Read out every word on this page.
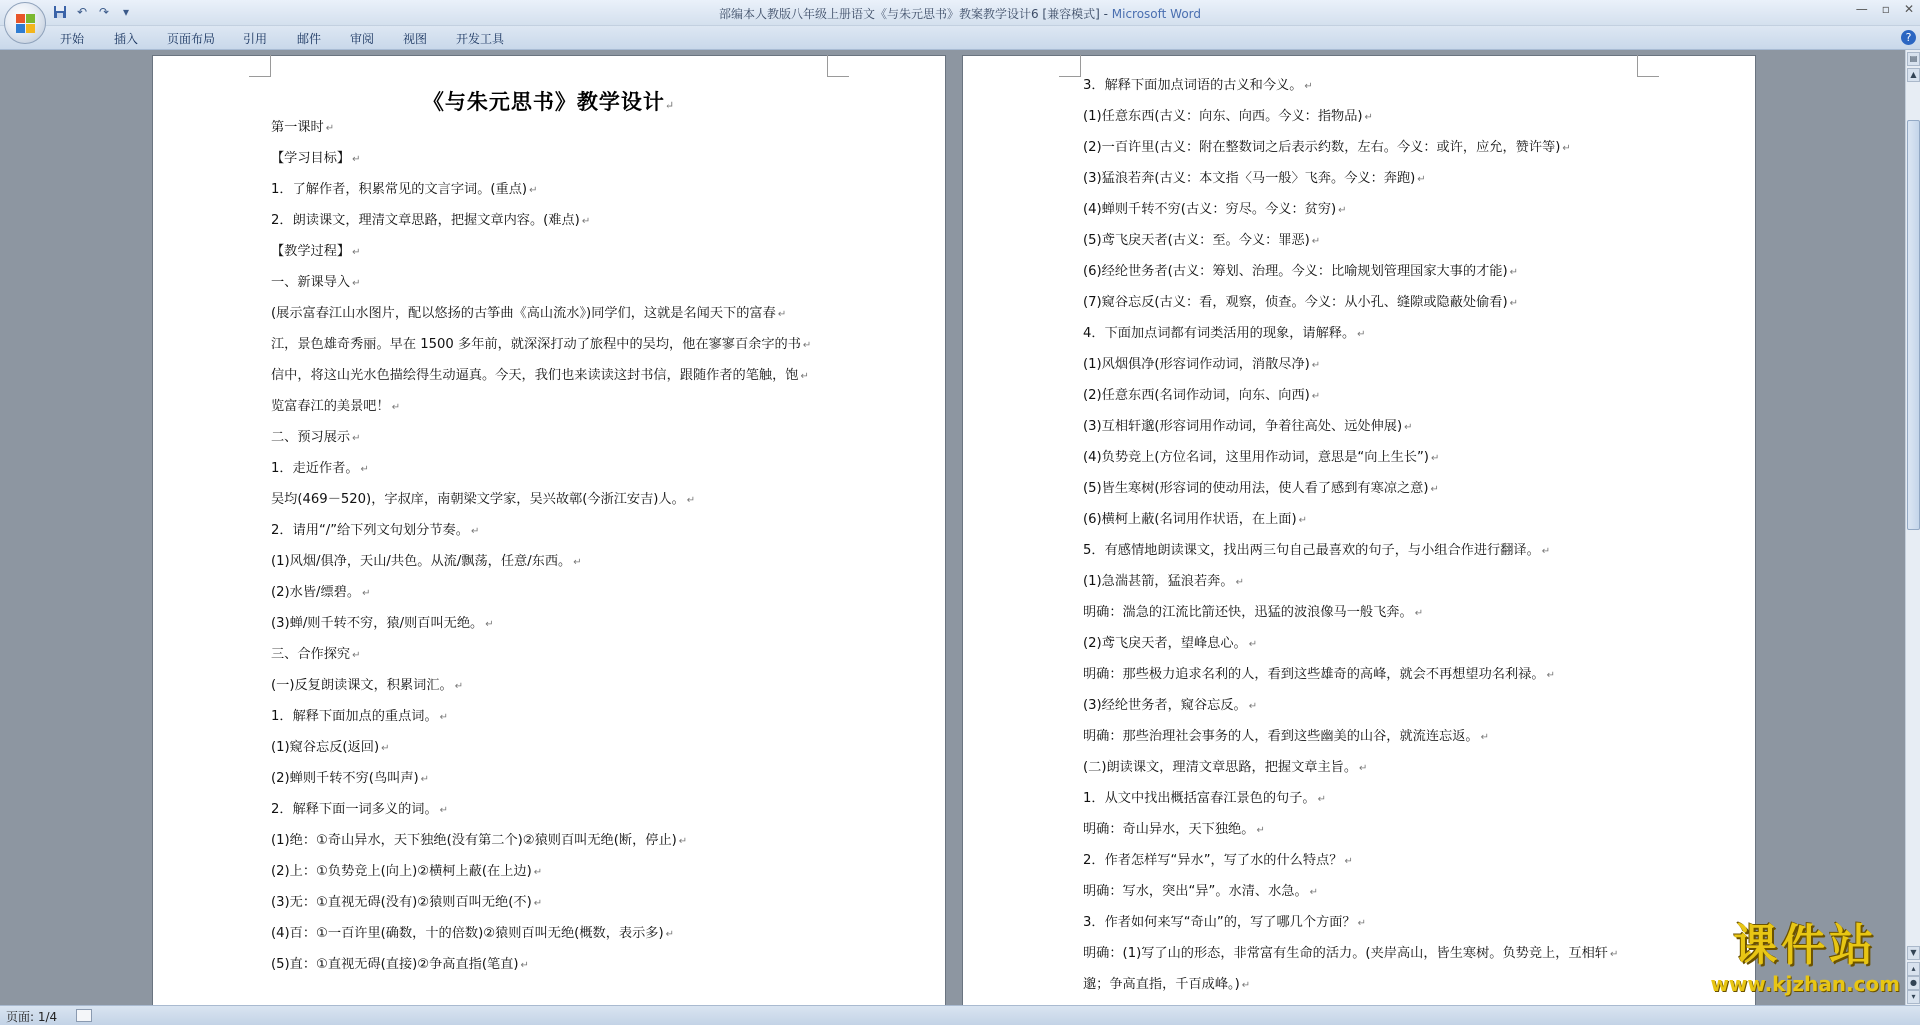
↶ ↷	▾	部编本人教版八年级上册语文《与朱元思书》教案教学设计6 [兼容模式] - Microsoft Word	— ▫ ✕
开始 插入 页面布局 引用 邮件 审阅 视图 开发工具	?
《与朱元思书》教学设计↵
第一课时 ↵
【学习目标】 ↵
1．了解作者，积累常见的文言字词。(重点) ↵
2．朗读课文，理清文章思路，把握文章内容。(难点) ↵
【教学过程】 ↵
一、新课导入 ↵
(展示富春江山水图片，配以悠扬的古筝曲《高山流水》)同学们，这就是名闻天下的富春 ↵
江，景色雄奇秀丽。早在 1500 多年前，就深深打动了旅程中的吴均，他在寥寥百余字的书 ↵
信中，将这山光水色描绘得生动逼真。今天，我们也来读读这封书信，跟随作者的笔触，饱 ↵
览富春江的美景吧！ ↵
二、预习展示 ↵
1．走近作者。 ↵
吴均(469－520)，字叔庠，南朝梁文学家，吴兴故鄣(今浙江安吉)人。 ↵
2．请用“/”给下列文句划分节奏。 ↵
(1)风烟/俱净，天山/共色。从流/飘荡，任意/东西。 ↵
(2)水皆/缥碧。 ↵
(3)蝉/则千转不穷，猿/则百叫无绝。 ↵
三、合作探究 ↵
(一)反复朗读课文，积累词汇。 ↵
1．解释下面加点的重点词。 ↵
(1)窥谷忘反(返回) ↵
(2)蝉则千转不穷(鸟叫声) ↵
2．解释下面一词多义的词。 ↵
(1)绝：①奇山异水，天下独绝(没有第二个)②猿则百叫无绝(断，停止) ↵
(2)上：①负势竞上(向上)②横柯上蔽(在上边) ↵
(3)无：①直视无碍(没有)②猿则百叫无绝(不) ↵
(4)百：①一百许里(确数，十的倍数)②猿则百叫无绝(概数，表示多) ↵
(5)直：①直视无碍(直接)②争高直指(笔直) ↵
3．解释下面加点词语的古义和今义。 ↵
(1)任意东西(古义：向东、向西。今义：指物品) ↵
(2)一百许里(古义：附在整数词之后表示约数，左右。今义：或许，应允，赞许等) ↵
(3)猛浪若奔(古义：本文指〈马一般〉飞奔。今义：奔跑) ↵
(4)蝉则千转不穷(古义：穷尽。今义：贫穷) ↵
(5)鸢飞戾天者(古义：至。今义：罪恶) ↵
(6)经纶世务者(古义：筹划、治理。今义：比喻规划管理国家大事的才能) ↵
(7)窥谷忘反(古义：看，观察，侦查。今义：从小孔、缝隙或隐蔽处偷看) ↵
4．下面加点词都有词类活用的现象，请解释。 ↵
(1)风烟俱净(形容词作动词，消散尽净) ↵
(2)任意东西(名词作动词，向东、向西) ↵
(3)互相轩邈(形容词用作动词，争着往高处、远处伸展) ↵
(4)负势竞上(方位名词，这里用作动词，意思是“向上生长”) ↵
(5)皆生寒树(形容词的使动用法，使人看了感到有寒凉之意) ↵
(6)横柯上蔽(名词用作状语，在上面) ↵
5．有感情地朗读课文，找出两三句自己最喜欢的句子，与小组合作进行翻译。 ↵
(1)急湍甚箭，猛浪若奔。 ↵
明确：湍急的江流比箭还快，迅猛的波浪像马一般飞奔。 ↵
(2)鸢飞戾天者，望峰息心。 ↵
明确：那些极力追求名利的人，看到这些雄奇的高峰，就会不再想望功名利禄。 ↵
(3)经纶世务者，窥谷忘反。 ↵
明确：那些治理社会事务的人，看到这些幽美的山谷，就流连忘返。 ↵
(二)朗读课文，理清文章思路，把握文章主旨。 ↵
1．从文中找出概括富春江景色的句子。 ↵
明确：奇山异水，天下独绝。 ↵
2．作者怎样写“异水”，写了水的什么特点？ ↵
明确：写水，突出“异”。水清、水急。 ↵
3．作者如何来写“奇山”的，写了哪几个方面？ ↵
明确：(1)写了山的形态，非常富有生命的活力。(夹岸高山，皆生寒树。负势竞上，互相轩 ↵
邈；争高直指，千百成峰。) ↵
▤
▲
▼
▴
●
▾
页面: 1/4
课件站
www.kjzhan.com
